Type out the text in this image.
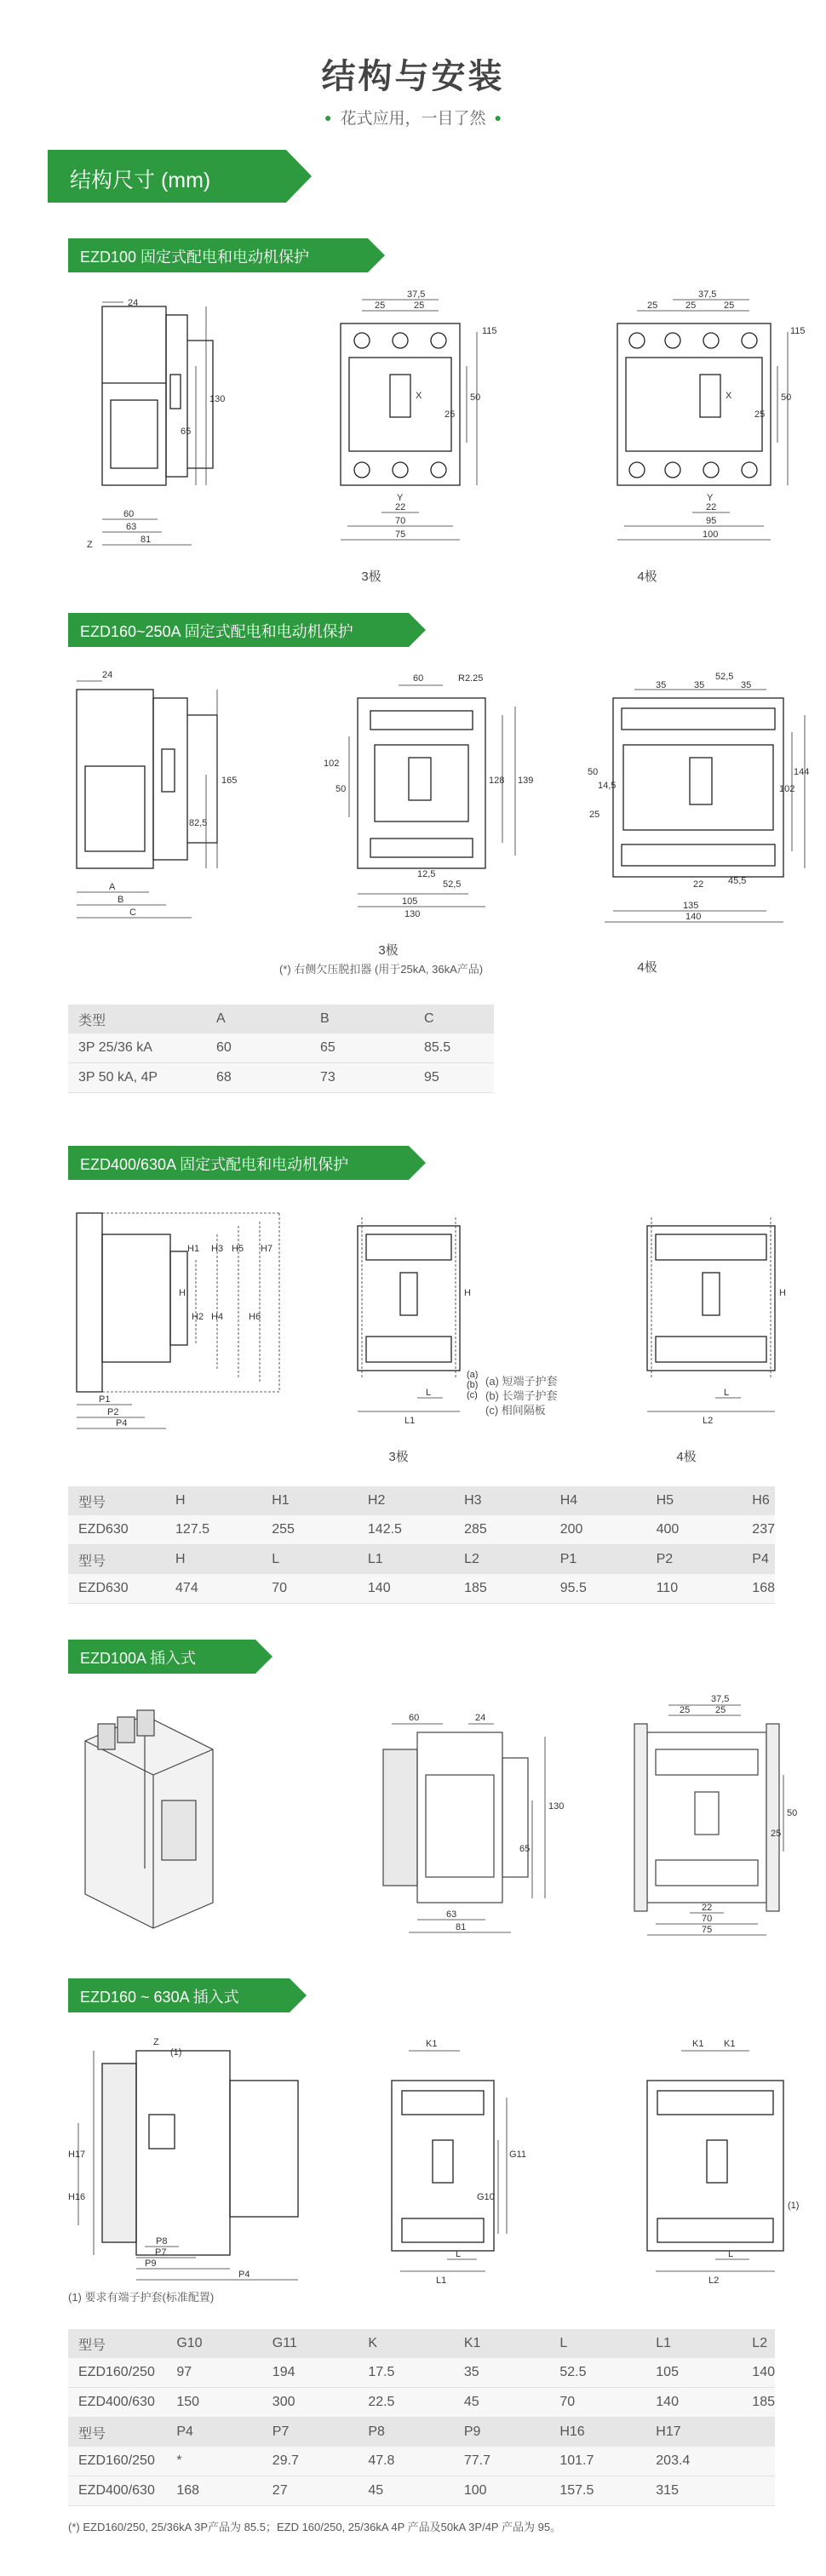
结构与安装
● 花式应用，一目了然 ●
结构尺寸 (mm)
EZD100 固定式配电和电动机保护
24
130
65
60
63
81
Z
37,5
25	25
115
50
25
X
Y
22
70
75
37,5
25	25	25
115
50
25
X
Y
22
95
100
3极	4极
EZD160~250A 固定式配电和电动机保护
24
165
82,5
A
B
C
60	R2.25
102
50
128 139
12,5
52,5
105
130
52,5
35	35	35
102
144
50
14,5
25
22	45,5
135
140
3极
4极
(*) 右侧欠压脱扣器 (用于25kA, 36kA产品)
类型	A	B	C
3P 25/36 kA	60	65	85.5
3P 50 kA, 4P	68	73	95
EZD400/630A 固定式配电和电动机保护
H1
H
H2
H3
H4
H5
H6
H7
P1
P2
P4
H
L
L1
(a)
(b)
(c)
H
L
L2
(a) 短端子护套
(b) 长端子护套
(c) 相间隔板
3极	4极
型号	H	H1	H2	H3	H4	H5	H6
EZD630	127.5	255	142.5	285	200	400	237
型号	H	L	L1	L2	P1	P2	P4
EZD630	474	70	140	185	95.5	110	168
EZD100A 插入式
60	24
130
65
63
81
37,5
25	25
50
25
22
70
75
EZD160 ~ 630A 插入式
Z
(1)
H17
H16
P8
P7
P9
P4
K1
G11
G10
L
L1
K1 K1
(1)
L
L2
(1) 要求有端子护套(标准配置)
型号	G10	G11	K	K1	L	L1	L2
EZD160/250	97	194	17.5	35	52.5	105	140
EZD400/630	150	300	22.5	45	70	140	185
型号	P4	P7	P8	P9	H16	H17	
EZD160/250	*	29.7	47.8	77.7	101.7	203.4	
EZD400/630	168	27	45	100	157.5	315	
(*) EZD160/250, 25/36kA 3P产品为 85.5；EZD 160/250, 25/36kA 4P 产品及50kA 3P/4P 产品为 95。
